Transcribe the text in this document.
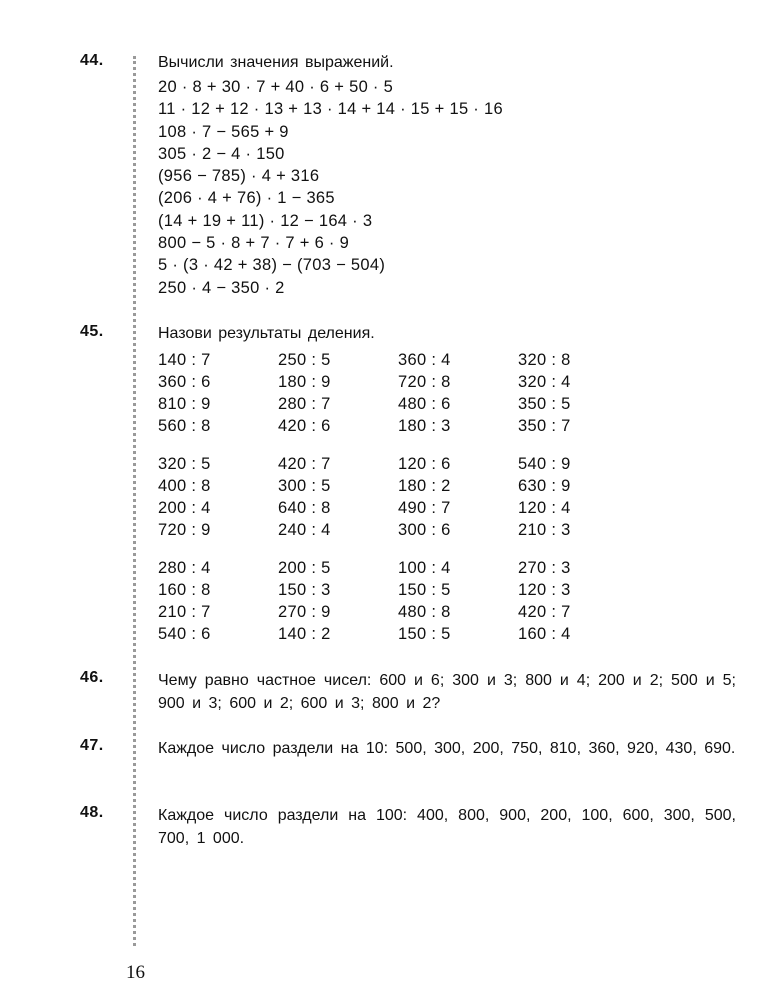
44.	Вычисли значения выражений.
20 · 8 + 30 · 7 + 40 · 6 + 50 · 5
11 · 12 + 12 · 13 + 13 · 14 + 14 · 15 + 15 · 16
108 · 7 − 565 + 9
305 · 2 − 4 · 150
(956 − 785) · 4 + 316
(206 · 4 + 76) · 1 − 365
(14 + 19 + 11) · 12 − 164 · 3
800 − 5 · 8 + 7 · 7 + 6 · 9
5 · (3 · 42 + 38) − (703 − 504)
250 · 4 − 350 · 2
45.	Назови результаты деления.
140 : 7	250 : 5	360 : 4	320 : 8
360 : 6	180 : 9	720 : 8	320 : 4
810 : 9	280 : 7	480 : 6	350 : 5
560 : 8	420 : 6	180 : 3	350 : 7
320 : 5	420 : 7	120 : 6	540 : 9
400 : 8	300 : 5	180 : 2	630 : 9
200 : 4	640 : 8	490 : 7	120 : 4
720 : 9	240 : 4	300 : 6	210 : 3
280 : 4	200 : 5	100 : 4	270 : 3
160 : 8	150 : 3	150 : 5	120 : 3
210 : 7	270 : 9	480 : 8	420 : 7
540 : 6	140 : 2	150 : 5	160 : 4
46.	Чему равно частное чисел: 600 и 6; 300 и 3; 800 и 4; 200 и 2; 500 и 5; 900 и 3; 600 и 2; 600 и 3; 800 и 2?
47.	Каждое число раздели на 10: 500, 300, 200, 750, 810, 360, 920, 430, 690.
48.	Каждое число раздели на 100: 400, 800, 900, 200, 100, 600, 300, 500, 700, 1 000.
16
